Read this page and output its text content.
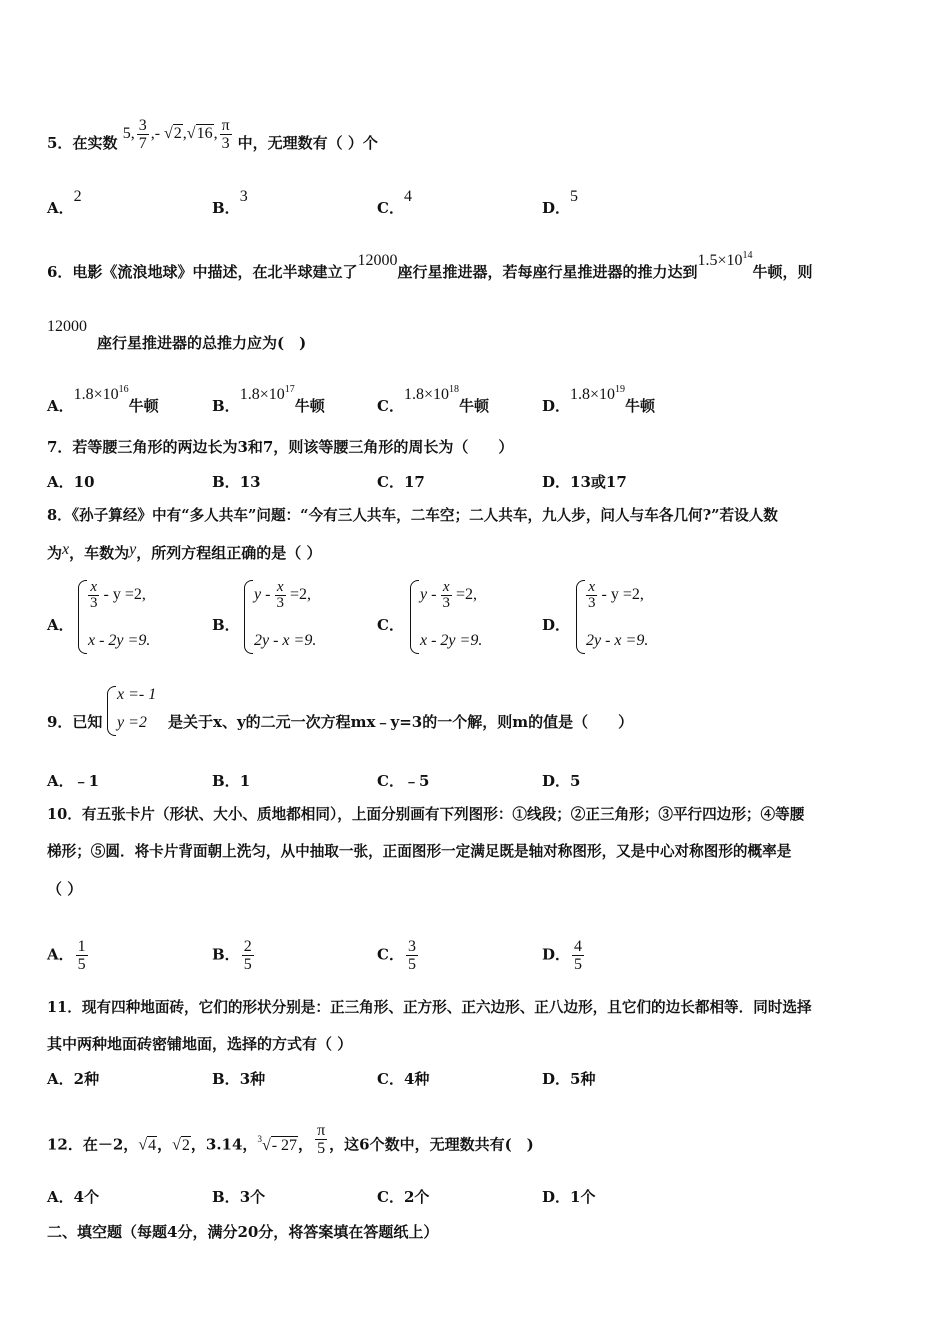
5．在实数 5, $\frac{3}{7}$ ,- √2,√16, $\frac{\pi}{3}$ 中，无理数有（ ）个
A．2
B．3
C．4
D．5
6．电影《流浪地球》中描述，在北半球建立了12000座行星推进器，若每座行星推进器的推力达到$1.5\times 10^{14}$牛顿，则
12000
座行星推进器的总推力应为(　)
A．$1.8\times 10^{16}$牛顿	B．$1.8\times 10^{17}$牛顿	C．$1.8\times 10^{18}$牛顿	D．$1.8\times 10^{19}$牛顿
7．若等腰三角形的两边长为3和7，则该等腰三角形的周长为（　　）
A．10	B．13	C．17	D．13或17
8．《孙子算经》中有“多人共车”问题：“今有三人共车，二车空；二人共车，九人步，问人与车各几何?”若设人数
为x，车数为y，所列方程组正确的是（ ）
A．
$\frac{x}{3} - y =2$,
x - 2y =9.
B．
$y - \frac{x}{3} =2$,
2y - x =9.
C．
$y - \frac{x}{3} =2$,
x - 2y =9.
D．
$\frac{x}{3} - y =2$,
2y - x =9.
9．已知
x =- 1
y =2 是关于x、y的二元一次方程mx﹣y=3的一个解，则m的值是（　　）
A．﹣1	B．1	C．﹣5	D．5
10．有五张卡片（形状、大小、质地都相同），上面分别画有下列图形：①线段；②正三角形；③平行四边形；④等腰
梯形；⑤圆．将卡片背面朝上洗匀，从中抽取一张，正面图形一定满足既是轴对称图形，又是中心对称图形的概率是
（ ）
A． $\frac{1}{5}$	B． $\frac{2}{5}$	C． $\frac{3}{5}$	D． $\frac{4}{5}$
11．现有四种地面砖，它们的形状分别是：正三角形、正方形、正六边形、正八边形，且它们的边长都相等．同时选择
其中两种地面砖密铺地面，选择的方式有（ ）
A．2种	B．3种	C．4种	D．5种
12．在－2，√4，√2，3.14，$^3$√- 27， $\frac{\pi}{5}$ ，这6个数中，无理数共有(　)
A．4个	B．3个	C．2个	D．1个
二、填空题（每题4分，满分20分，将答案填在答题纸上）
